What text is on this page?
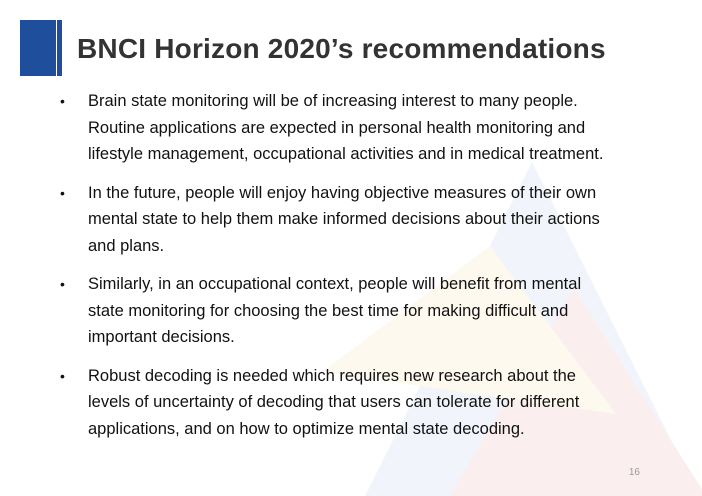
BNCI Horizon 2020’s recommendations
• Brain state monitoring will be of increasing interest to many people.
Routine applications are expected in personal health monitoring and
lifestyle management, occupational activities and in medical treatment.
• In the future, people will enjoy having objective measures of their own
mental state to help them make informed decisions about their actions
and plans.
• Similarly, in an occupational context, people will benefit from mental
state monitoring for choosing the best time for making difficult and
important decisions.
• Robust decoding is needed which requires new research about the
levels of uncertainty of decoding that users can tolerate for different
applications, and on how to optimize mental state decoding.
16
